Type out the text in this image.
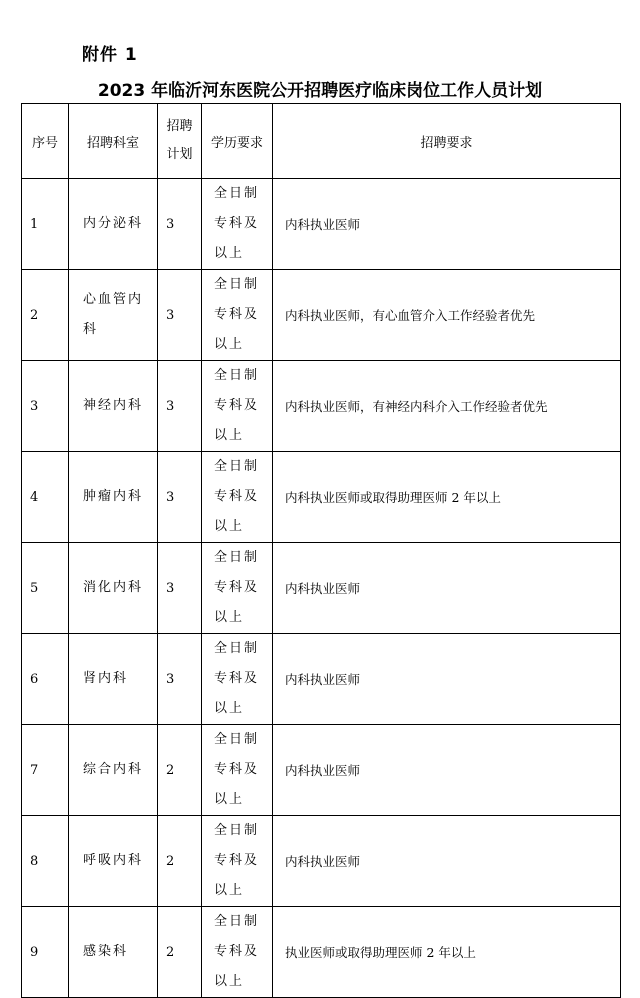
附件 1
2023 年临沂河东医院公开招聘医疗临床岗位工作人员计划
序号	招聘科室	招聘计划	学历要求	招聘要求
1	内分泌科	3	全日制专科及以上	内科执业医师
2	心血管内科	3	全日制专科及以上	内科执业医师，有心血管介入工作经验者优先
3	神经内科	3	全日制专科及以上	内科执业医师，有神经内科介入工作经验者优先
4	肿瘤内科	3	全日制专科及以上	内科执业医师或取得助理医师 2 年以上
5	消化内科	3	全日制专科及以上	内科执业医师
6	肾内科	3	全日制专科及以上	内科执业医师
7	综合内科	2	全日制专科及以上	内科执业医师
8	呼吸内科	2	全日制专科及以上	内科执业医师
9	感染科	2	全日制专科及以上	执业医师或取得助理医师 2 年以上
